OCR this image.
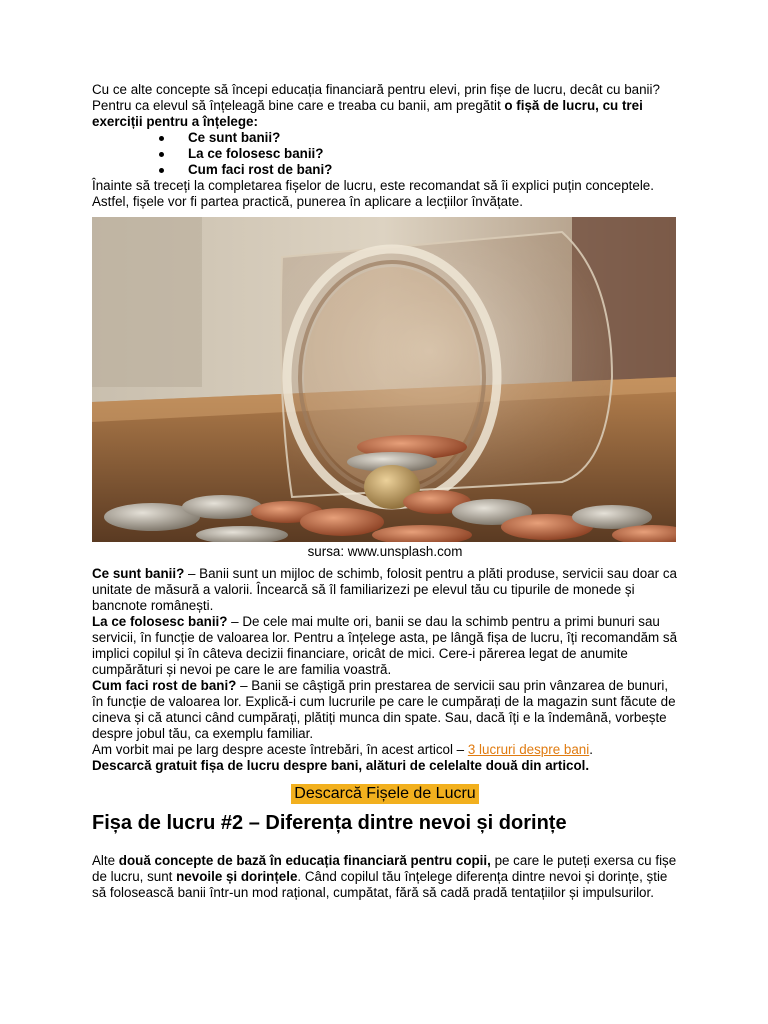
Cu ce alte concepte să începi educația financiară pentru elevi, prin fișe de lucru, decât cu banii? Pentru ca elevul să înțeleagă bine care e treaba cu banii, am pregătit o fișă de lucru, cu trei exerciții pentru a înțelege:

Ce sunt banii?
La ce folosesc banii?
Cum faci rost de bani?

Înainte să treceți la completarea fișelor de lucru, este recomandat să îi explici puțin conceptele. Astfel, fișele vor fi partea practică, punerea în aplicare a lecțiilor învățate.

sursa: www.unsplash.com

Ce sunt banii? – Banii sunt un mijloc de schimb, folosit pentru a plăti produse, servicii sau doar ca unitate de măsură a valorii. Încearcă să îl familiarizezi pe elevul tău cu tipurile de monede și bancnote românești.

La ce folosesc banii? – De cele mai multe ori, banii se dau la schimb pentru a primi bunuri sau servicii, în funcție de valoarea lor. Pentru a înțelege asta, pe lângă fișa de lucru, îți recomandăm să implici copilul și în câteva decizii financiare, oricât de mici. Cere-i părerea legat de anumite cumpărături și nevoi pe care le are familia voastră.

Cum faci rost de bani? – Banii se câștigă prin prestarea de servicii sau prin vânzarea de bunuri, în funcție de valoarea lor. Explică-i cum lucrurile pe care le cumpărați de la magazin sunt făcute de cineva și că atunci când cumpărați, plătiți munca din spate. Sau, dacă îți e la îndemână, vorbește despre jobul tău, ca exemplu familiar.

Am vorbit mai pe larg despre aceste întrebări, în acest articol – 3 lucruri despre bani.

Descarcă gratuit fișa de lucru despre bani, alături de celelalte două din articol.

Descarcă Fișele de Lucru
Fișa de lucru #2 – Diferența dintre nevoi și dorințe

Alte două concepte de bază în educația financiară pentru copii, pe care le puteți exersa cu fișe de lucru, sunt nevoile și dorințele. Când copilul tău înțelege diferența dintre nevoi și dorințe, știe să folosească banii într-un mod rațional, cumpătat, fără să cadă pradă tentațiilor și impulsurilor.
